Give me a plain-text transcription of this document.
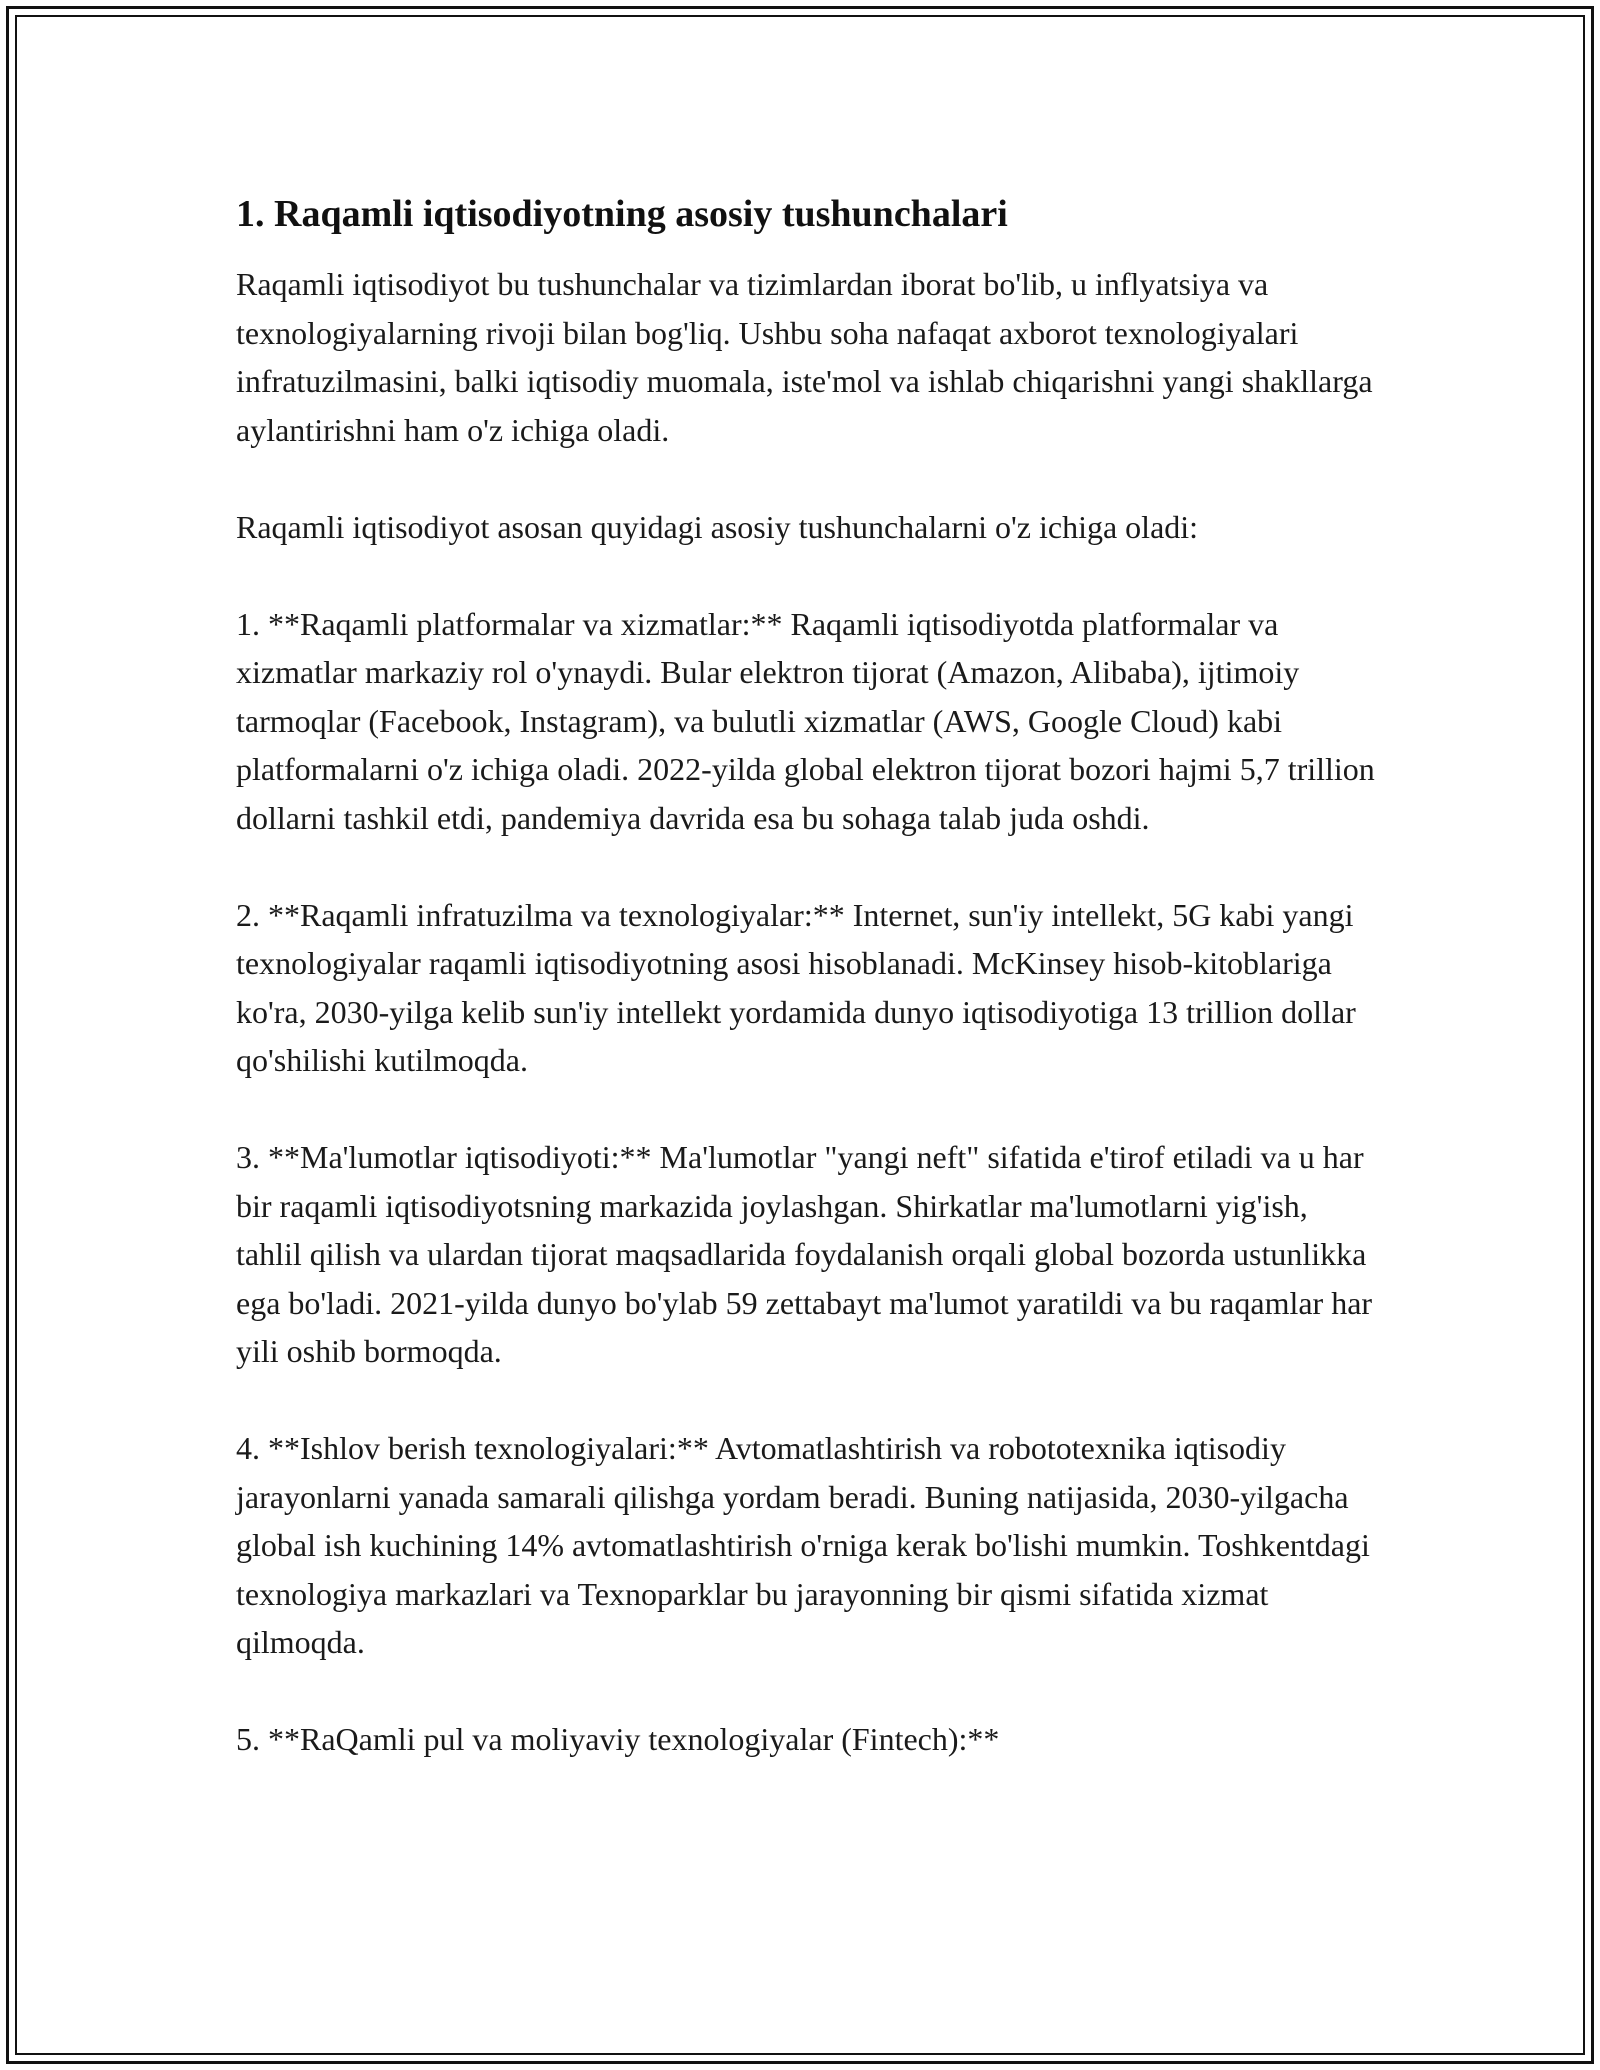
1. Raqamli iqtisodiyotning asosiy tushunchalari

Raqamli iqtisodiyot bu tushunchalar va tizimlardan iborat bo'lib, u inflyatsiya va texnologiyalarning rivoji bilan bog'liq. Ushbu soha nafaqat axborot texnologiyalari infratuzilmasini, balki iqtisodiy muomala, iste'mol va ishlab chiqarishni yangi shakllarga aylantirishni ham o'z ichiga oladi.

Raqamli iqtisodiyot asosan quyidagi asosiy tushunchalarni o'z ichiga oladi:

1. **Raqamli platformalar va xizmatlar:** Raqamli iqtisodiyotda platformalar va xizmatlar markaziy rol o'ynaydi. Bular elektron tijorat (Amazon, Alibaba), ijtimoiy tarmoqlar (Facebook, Instagram), va bulutli xizmatlar (AWS, Google Cloud) kabi platformalarni o'z ichiga oladi. 2022-yilda global elektron tijorat bozori hajmi 5,7 trillion dollarni tashkil etdi, pandemiya davrida esa bu sohaga talab juda oshdi.

2. **Raqamli infratuzilma va texnologiyalar:** Internet, sun'iy intellekt, 5G kabi yangi texnologiyalar raqamli iqtisodiyotning asosi hisoblanadi. McKinsey hisob-kitoblariga ko'ra, 2030-yilga kelib sun'iy intellekt yordamida dunyo iqtisodiyotiga 13 trillion dollar qo'shilishi kutilmoqda.

3. **Ma'lumotlar iqtisodiyoti:** Ma'lumotlar "yangi neft" sifatida e'tirof etiladi va u har bir raqamli iqtisodiyotsning markazida joylashgan. Shirkatlar ma'lumotlarni yig'ish, tahlil qilish va ulardan tijorat maqsadlarida foydalanish orqali global bozorda ustunlikka ega bo'ladi. 2021-yilda dunyo bo'ylab 59 zettabayt ma'lumot yaratildi va bu raqamlar har yili oshib bormoqda.

4. **Ishlov berish texnologiyalari:** Avtomatlashtirish va robototexnika iqtisodiy jarayonlarni yanada samarali qilishga yordam beradi. Buning natijasida, 2030-yilgacha global ish kuchining 14% avtomatlashtirish o'rniga kerak bo'lishi mumkin. Toshkentdagi texnologiya markazlari va Texnoparklar bu jarayonning bir qismi sifatida xizmat qilmoqda.

5. **RaQamli pul va moliyaviy texnologiyalar (Fintech):**
